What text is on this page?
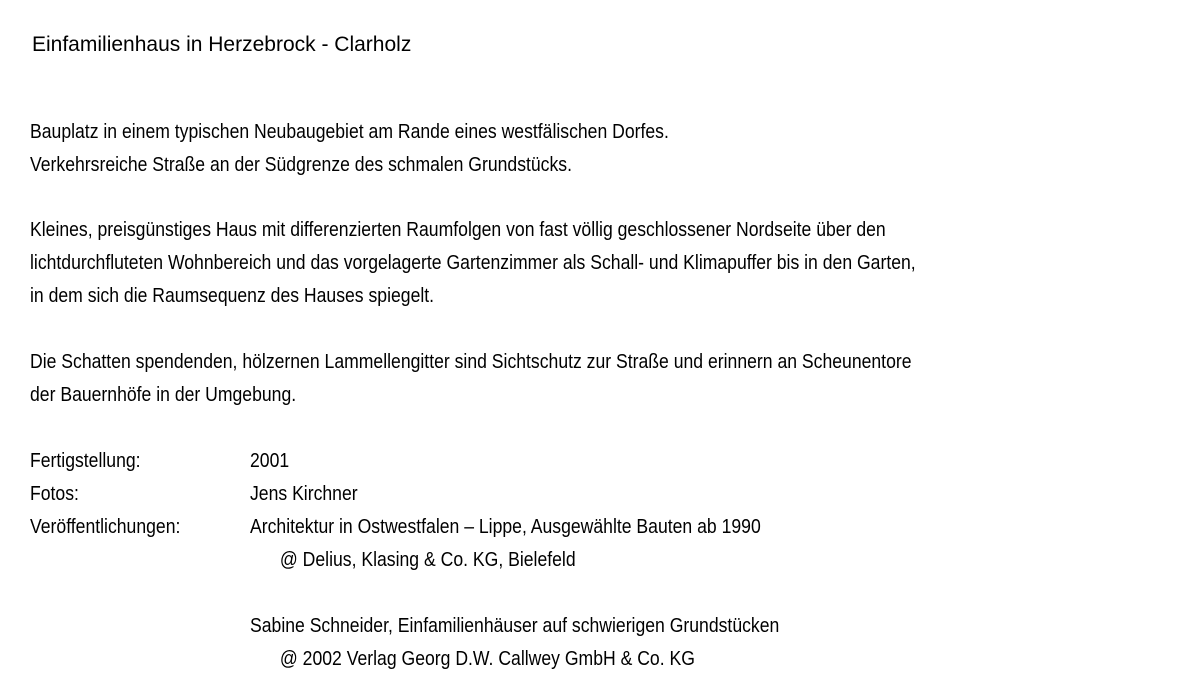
Einfamilienhaus in Herzebrock - Clarholz
Bauplatz in einem typischen Neubaugebiet am Rande eines westfälischen Dorfes.
Verkehrsreiche Straße an der Südgrenze des schmalen Grundstücks.
Kleines, preisgünstiges Haus mit differenzierten Raumfolgen von fast völlig geschlossener Nordseite über den
lichtdurchfluteten Wohnbereich und das vorgelagerte Gartenzimmer als Schall- und Klimapuffer bis in den Garten,
in dem sich die Raumsequenz des Hauses spiegelt.
Die Schatten spendenden, hölzernen Lammellengitter sind Sichtschutz zur Straße und erinnern an Scheunentore
der Bauernhöfe in der Umgebung.
Fertigstellung:	2001
Fotos:	Jens Kirchner
Veröffentlichungen:	Architektur in Ostwestfalen – Lippe, Ausgewählte Bauten ab 1990
@ Delius, Klasing & Co. KG, Bielefeld
Sabine Schneider, Einfamilienhäuser auf schwierigen Grundstücken
@ 2002 Verlag Georg D.W. Callwey GmbH & Co. KG
